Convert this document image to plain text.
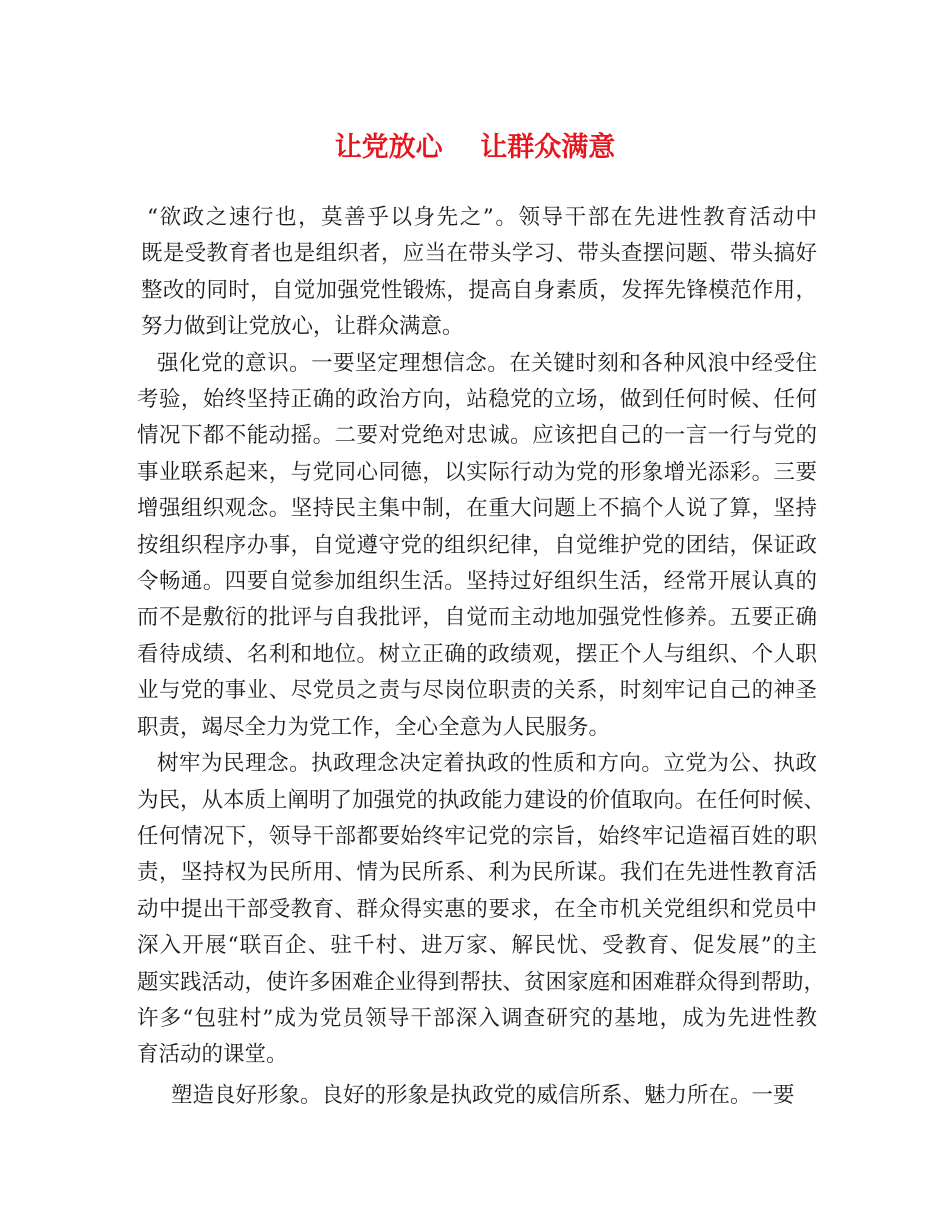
让党放心    让群众满意

“欲政之速行也，莫善乎以身先之”。领导干部在先进性教育活动中
既是受教育者也是组织者，应当在带头学习、带头查摆问题、带头搞好
整改的同时，自觉加强党性锻炼，提高自身素质，发挥先锋模范作用，
努力做到让党放心，让群众满意。

强化党的意识。一要坚定理想信念。在关键时刻和各种风浪中经受住
考验，始终坚持正确的政治方向，站稳党的立场，做到任何时候、任何
情况下都不能动摇。二要对党绝对忠诚。应该把自己的一言一行与党的
事业联系起来，与党同心同德，以实际行动为党的形象增光添彩。三要
增强组织观念。坚持民主集中制，在重大问题上不搞个人说了算，坚持
按组织程序办事，自觉遵守党的组织纪律，自觉维护党的团结，保证政
令畅通。四要自觉参加组织生活。坚持过好组织生活，经常开展认真的
而不是敷衍的批评与自我批评，自觉而主动地加强党性修养。五要正确
看待成绩、名利和地位。树立正确的政绩观，摆正个人与组织、个人职
业与党的事业、尽党员之责与尽岗位职责的关系，时刻牢记自己的神圣
职责，竭尽全力为党工作，全心全意为人民服务。

树牢为民理念。执政理念决定着执政的性质和方向。立党为公、执政
为民，从本质上阐明了加强党的执政能力建设的价值取向。在任何时候、
任何情况下，领导干部都要始终牢记党的宗旨，始终牢记造福百姓的职
责，坚持权为民所用、情为民所系、利为民所谋。我们在先进性教育活
动中提出干部受教育、群众得实惠的要求，在全市机关党组织和党员中
深入开展“联百企、驻千村、进万家、解民忧、受教育、促发展”的主
题实践活动，使许多困难企业得到帮扶、贫困家庭和困难群众得到帮助，
许多“包驻村”成为党员领导干部深入调查研究的基地，成为先进性教
育活动的课堂。

塑造良好形象。良好的形象是执政党的威信所系、魅力所在。一要
